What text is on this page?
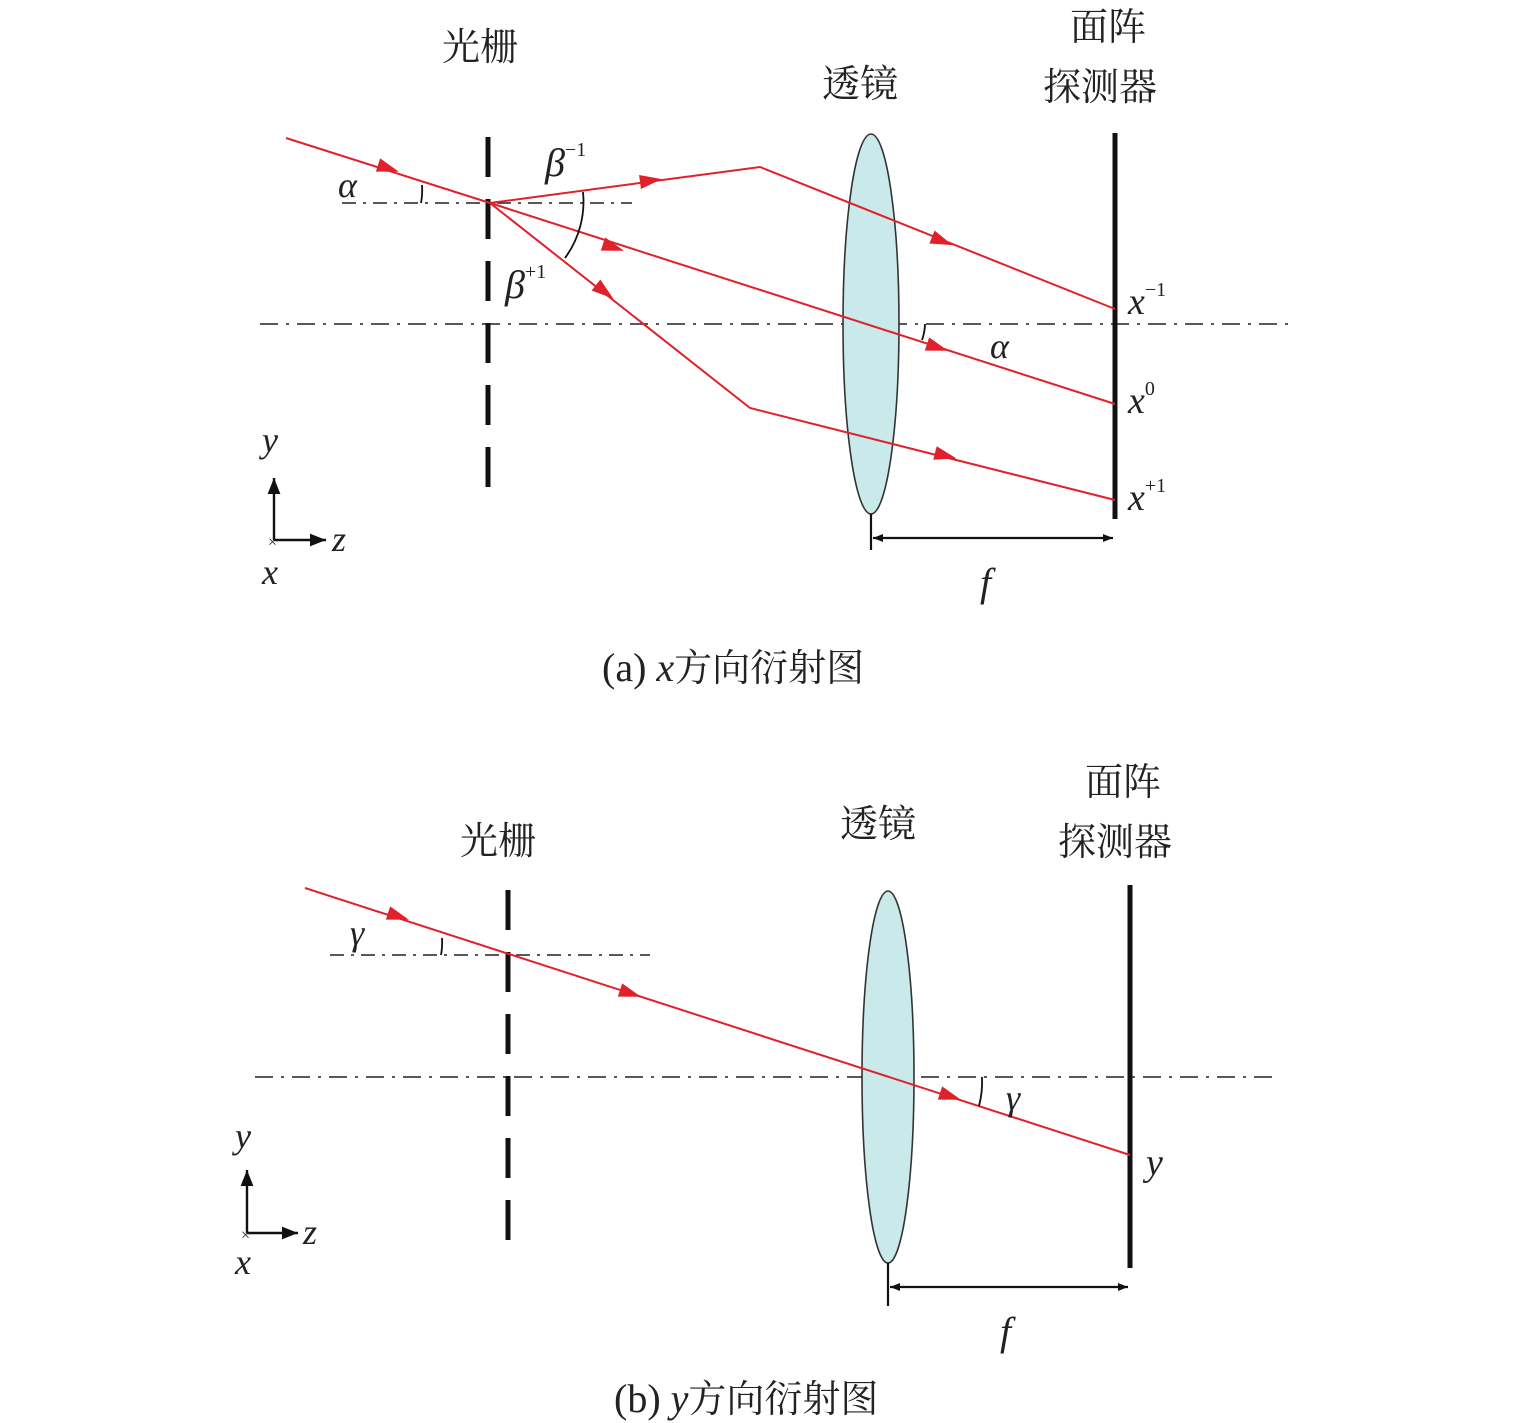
×
光栅
透镜
面阵
探测器
α
α
$\beta^{-1}$
$\beta^{+1}$
$x^{-1}$
$x^0$
$x^{+1}$
f
y
z
x
(a) x方向衍射图
×
光栅	透镜
面阵
探测器
γ
γ
y
f
y
z
x
(b) y方向衍射图
